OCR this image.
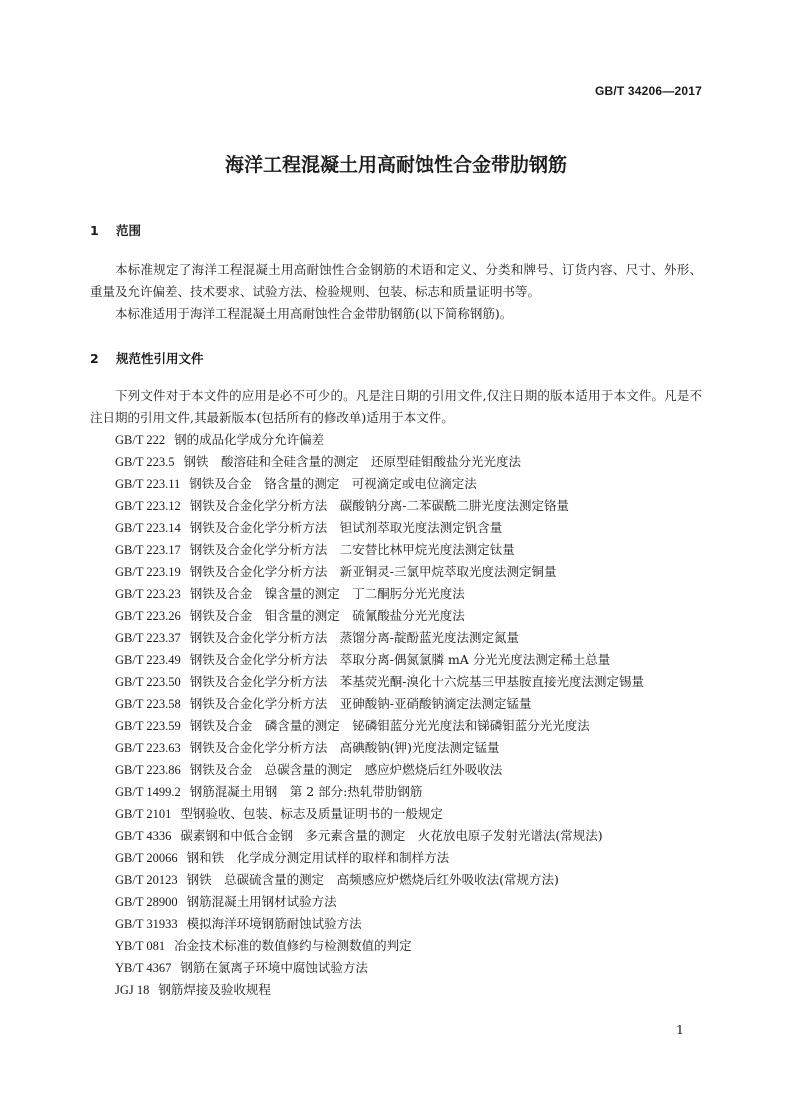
GB/T 34206—2017
海洋工程混凝土用高耐蚀性合金带肋钢筋
1 范围
本标准规定了海洋工程混凝土用高耐蚀性合金钢筋的术语和定义、分类和牌号、订货内容、尺寸、外形、重量及允许偏差、技术要求、试验方法、检验规则、包装、标志和质量证明书等。
本标准适用于海洋工程混凝土用高耐蚀性合金带肋钢筋(以下简称钢筋)。
2 规范性引用文件
下列文件对于本文件的应用是必不可少的。凡是注日期的引用文件,仅注日期的版本适用于本文件。凡是不注日期的引用文件,其最新版本(包括所有的修改单)适用于本文件。
GB/T 222 钢的成品化学成分允许偏差
GB/T 223.5 钢铁　酸溶硅和全硅含量的测定　还原型硅钼酸盐分光光度法
GB/T 223.11 钢铁及合金　铬含量的测定　可视滴定或电位滴定法
GB/T 223.12 钢铁及合金化学分析方法　碳酸钠分离-二苯碳酰二肼光度法测定铬量
GB/T 223.14 钢铁及合金化学分析方法　钽试剂萃取光度法测定钒含量
GB/T 223.17 钢铁及合金化学分析方法　二安替比林甲烷光度法测定钛量
GB/T 223.19 钢铁及合金化学分析方法　新亚铜灵-三氯甲烷萃取光度法测定铜量
GB/T 223.23 钢铁及合金　镍含量的测定　丁二酮肟分光光度法
GB/T 223.26 钢铁及合金　钼含量的测定　硫氰酸盐分光光度法
GB/T 223.37 钢铁及合金化学分析方法　蒸馏分离-靛酚蓝光度法测定氮量
GB/T 223.49 钢铁及合金化学分析方法　萃取分离-偶氮氯膦 mA 分光光度法测定稀土总量
GB/T 223.50 钢铁及合金化学分析方法　苯基荧光酮-溴化十六烷基三甲基胺直接光度法测定锡量
GB/T 223.58 钢铁及合金化学分析方法　亚砷酸钠-亚硝酸钠滴定法测定锰量
GB/T 223.59 钢铁及合金　磷含量的测定　铋磷钼蓝分光光度法和锑磷钼蓝分光光度法
GB/T 223.63 钢铁及合金化学分析方法　高碘酸钠(钾)光度法测定锰量
GB/T 223.86 钢铁及合金　总碳含量的测定　感应炉燃烧后红外吸收法
GB/T 1499.2 钢筋混凝土用钢　第 2 部分:热轧带肋钢筋
GB/T 2101 型钢验收、包装、标志及质量证明书的一般规定
GB/T 4336 碳素钢和中低合金钢　多元素含量的测定　火花放电原子发射光谱法(常规法)
GB/T 20066 钢和铁　化学成分测定用试样的取样和制样方法
GB/T 20123 钢铁　总碳硫含量的测定　高频感应炉燃烧后红外吸收法(常规方法)
GB/T 28900 钢筋混凝土用钢材试验方法
GB/T 31933 模拟海洋环境钢筋耐蚀试验方法
YB/T 081 冶金技术标准的数值修约与检测数值的判定
YB/T 4367 钢筋在氯离子环境中腐蚀试验方法
JGJ 18 钢筋焊接及验收规程
1
